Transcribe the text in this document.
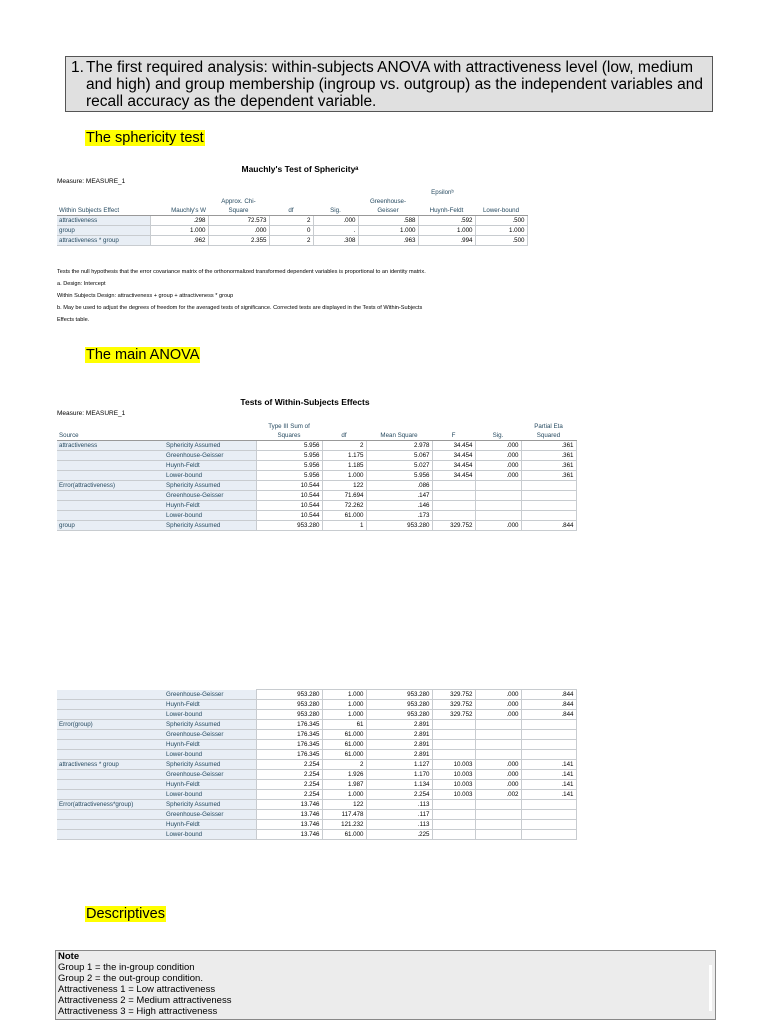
1. The first required analysis: within-subjects ANOVA with attractiveness level (low, medium and high) and group membership (ingroup vs. outgroup) as the independent variables and recall accuracy as the dependent variable.
The sphericity test
Mauchly's Test of Sphericityᵃ
Measure: MEASURE_1
					Epsilonᵇ		
		Approx. Chi-			Greenhouse-		
Within Subjects Effect	Mauchly's W	Square	df	Sig.	Geisser	Huynh-Feldt	Lower-bound
attractiveness	.298	72.573	2	.000	.588	.592	.500
group	1.000	.000	0	.	1.000	1.000	1.000
attractiveness * group	.962	2.355	2	.308	.963	.994	.500
Tests the null hypothesis that the error covariance matrix of the orthonormalized transformed dependent variables is proportional to an identity matrix.
a. Design: Intercept
Within Subjects Design: attractiveness + group + attractiveness * group
b. May be used to adjust the degrees of freedom for the averaged tests of significance. Corrected tests are displayed in the Tests of Within-Subjects
Effects table.
The main ANOVA
Tests of Within-Subjects Effects
Measure: MEASURE_1
		Type III Sum of					Partial Eta
Source		Squares	df	Mean Square	F	Sig.	Squared
attractiveness	Sphericity Assumed	5.956	2	2.978	34.454	.000	.361
	Greenhouse-Geisser	5.956	1.175	5.067	34.454	.000	.361
	Huynh-Feldt	5.956	1.185	5.027	34.454	.000	.361
	Lower-bound	5.956	1.000	5.956	34.454	.000	.361
Error(attractiveness)	Sphericity Assumed	10.544	122	.086			
	Greenhouse-Geisser	10.544	71.694	.147			
	Huynh-Feldt	10.544	72.262	.146			
	Lower-bound	10.544	61.000	.173			
group	Sphericity Assumed	953.280	1	953.280	329.752	.000	.844
	Greenhouse-Geisser	953.280	1.000	953.280	329.752	.000	.844
	Huynh-Feldt	953.280	1.000	953.280	329.752	.000	.844
	Lower-bound	953.280	1.000	953.280	329.752	.000	.844
Error(group)	Sphericity Assumed	176.345	61	2.891			
	Greenhouse-Geisser	176.345	61.000	2.891			
	Huynh-Feldt	176.345	61.000	2.891			
	Lower-bound	176.345	61.000	2.891			
attractiveness * group	Sphericity Assumed	2.254	2	1.127	10.003	.000	.141
	Greenhouse-Geisser	2.254	1.926	1.170	10.003	.000	.141
	Huynh-Feldt	2.254	1.987	1.134	10.003	.000	.141
	Lower-bound	2.254	1.000	2.254	10.003	.002	.141
Error(attractiveness*group)	Sphericity Assumed	13.746	122	.113			
	Greenhouse-Geisser	13.746	117.478	.117			
	Huynh-Feldt	13.746	121.232	.113			
	Lower-bound	13.746	61.000	.225			
Descriptives
Note
Group 1 = the in-group condition
Group 2 = the out-group condition.
Attractiveness 1 = Low attractiveness
Attractiveness 2 = Medium attractiveness
Attractiveness 3 = High attractiveness
